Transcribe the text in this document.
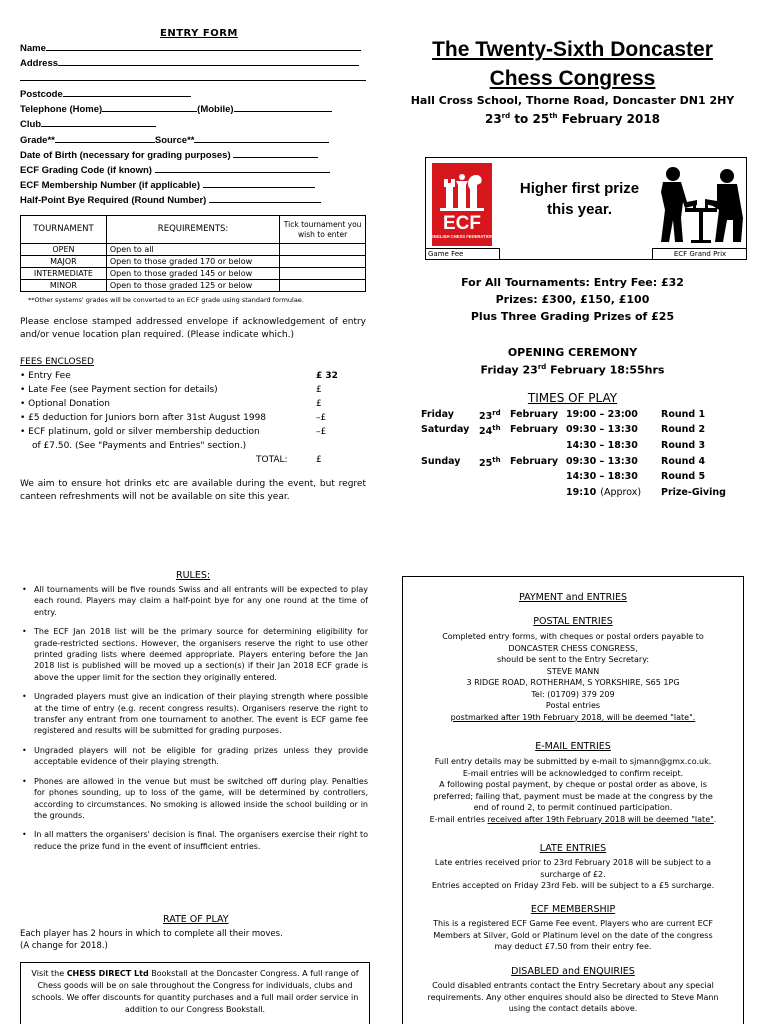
ENTRY FORM
Name
Address
Postcode
Telephone (Home)	(Mobile)
Club
Grade**	Source**
Date of Birth (necessary for grading purposes)
ECF Grading Code (if known)
ECF Membership Number (if applicable)
Half-Point Bye Required (Round Number)
TOURNAMENT	REQUIREMENTS:	Tick tournament you wish to enter
OPEN	Open to all	
MAJOR	Open to those graded 170 or below	
INTERMEDIATE	Open to those graded 145 or below	
MINOR	Open to those graded 125 or below	
**Other systems' grades will be converted to an ECF grade using standard formulae.
Please enclose stamped addressed envelope if acknowledgement of entry and/or venue location plan required. (Please indicate which.)
FEES ENCLOSED
• Entry Fee	£ 32
• Late Fee (see Payment section for details)	£
• Optional Donation	£
• £5 deduction for Juniors born after 31st August 1998	–£
• ECF platinum, gold or silver membership deduction	–£
of £7.50. (See "Payments and Entries" section.)
TOTAL:	£
We aim to ensure hot drinks etc are available during the event, but regret canteen refreshments will not be available on site this year.
The Twenty-Sixth Doncaster
Chess Congress
Hall Cross School, Thorne Road, Doncaster DN1 2HY
23rd to 25th February 2018
ECF
ENGLISH CHESS FEDERATION
Game Fee
Higher first prize this year.
ECF Grand Prix
For All Tournaments: Entry Fee: £32
Prizes: £300, £150, £100
Plus Three Grading Prizes of £25
OPENING CEREMONY
Friday 23rd February 18:55hrs
TIMES OF PLAY
Friday	23rd February 19:00 – 23:00 Round 1
Saturday 24th February 09:30 – 13:30 Round 2
14:30 – 18:30 Round 3
Sunday 25th February 09:30 – 13:30 Round 4
14:30 – 18:30 Round 5
19:10 (Approx) Prize-Giving
RULES:
• All tournaments will be five rounds Swiss and all entrants will be expected to play each round. Players may claim a half-point bye for any one round at the time of entry.
• The ECF Jan 2018 list will be the primary source for determining eligibility for grade-restricted sections. However, the organisers reserve the right to use other printed grading lists where deemed appropriate. Players entering before the Jan 2018 list is published will be moved up a section(s) if their Jan 2018 ECF grade is above the upper limit for the section they originally entered.
• Ungraded players must give an indication of their playing strength where possible at the time of entry (e.g. recent congress results). Organisers reserve the right to transfer any entrant from one tournament to another. The event is ECF game fee registered and results will be submitted for grading purposes.
• Ungraded players will not be eligible for grading prizes unless they provide acceptable evidence of their playing strength.
• Phones are allowed in the venue but must be switched off during play. Penalties for phones sounding, up to loss of the game, will be determined by controllers, according to circumstances. No smoking is allowed inside the school building or in the grounds.
• In all matters the organisers' decision is final. The organisers exercise their right to reduce the prize fund in the event of insufficient entries.
RATE OF PLAY
Each player has 2 hours in which to complete all their moves.
(A change for 2018.)
Visit the CHESS DIRECT Ltd Bookstall at the Doncaster Congress. A full range of Chess goods will be on sale throughout the Congress for individuals, clubs and schools. We offer discounts for quantity purchases and a full mail order service in addition to our Congress Bookstall.
PAYMENT and ENTRIES
POSTAL ENTRIES
Completed entry forms, with cheques or postal orders payable to
DONCASTER CHESS CONGRESS,
should be sent to the Entry Secretary:
STEVE MANN
3 RIDGE ROAD, ROTHERHAM, S YORKSHIRE, S65 1PG
Tel: (01709) 379 209
Postal entries
postmarked after 19th February 2018, will be deemed "late".
E-MAIL ENTRIES
Full entry details may be submitted by e-mail to sjmann@gmx.co.uk.
E-mail entries will be acknowledged to confirm receipt.
A following postal payment, by cheque or postal order as above, is
preferred; failing that, payment must be made at the congress by the
end of round 2, to permit continued participation.
E-mail entries received after 19th February 2018 will be deemed "late".
LATE ENTRIES
Late entries received prior to 23rd February 2018 will be subject to a
surcharge of £2.
Entries accepted on Friday 23rd Feb. will be subject to a £5 surcharge.
ECF MEMBERSHIP
This is a registered ECF Game Fee event. Players who are current ECF
Members at Silver, Gold or Platinum level on the date of the congress
may deduct £7.50 from their entry fee.
DISABLED and ENQUIRIES
Could disabled entrants contact the Entry Secretary about any special
requirements. Any other enquires should also be directed to Steve Mann
using the contact details above.
